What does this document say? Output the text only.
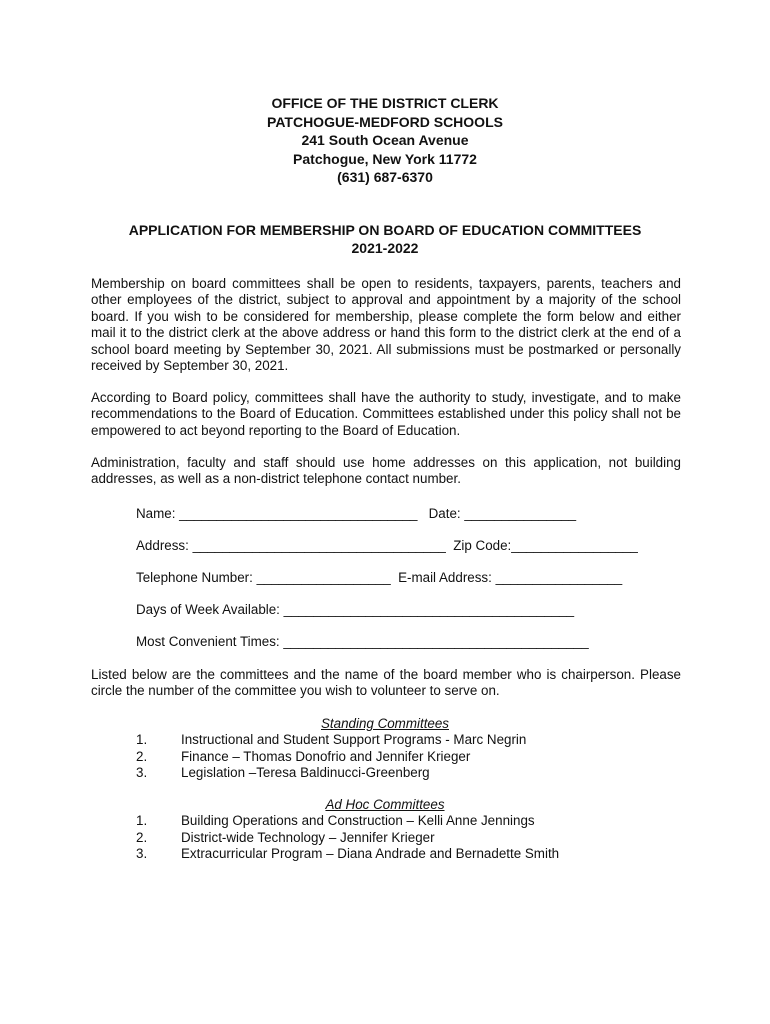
OFFICE OF THE DISTRICT CLERK
PATCHOGUE-MEDFORD SCHOOLS
241 South Ocean Avenue
Patchogue, New York 11772
(631) 687-6370
APPLICATION FOR MEMBERSHIP ON BOARD OF EDUCATION COMMITTEES
2021-2022

Membership on board committees shall be open to residents, taxpayers, parents, teachers and other employees of the district, subject to approval and appointment by a majority of the school board. If you wish to be considered for membership, please complete the form below and either mail it to the district clerk at the above address or hand this form to the district clerk at the end of a school board meeting by September 30, 2021. All submissions must be postmarked or personally received by September 30, 2021.

According to Board policy, committees shall have the authority to study, investigate, and to make recommendations to the Board of Education. Committees established under this policy shall not be empowered to act beyond reporting to the Board of Education.

Administration, faculty and staff should use home addresses on this application, not building addresses, as well as a non-district telephone contact number.

Name: ________________________________   Date: _______________
Address: __________________________________  Zip Code:_________________
Telephone Number: __________________  E-mail Address: _________________
Days of Week Available: _______________________________________
Most Convenient Times: _________________________________________

Listed below are the committees and the name of the board member who is chairperson. Please circle the number of the committee you wish to volunteer to serve on.

Standing Committees
1.	Instructional and Student Support Programs - Marc Negrin
2.	Finance – Thomas Donofrio and Jennifer Krieger
3.	Legislation –Teresa Baldinucci-Greenberg
Ad Hoc Committees
1.	Building Operations and Construction – Kelli Anne Jennings
2.	District-wide Technology – Jennifer Krieger
3.	Extracurricular Program – Diana Andrade and Bernadette Smith
